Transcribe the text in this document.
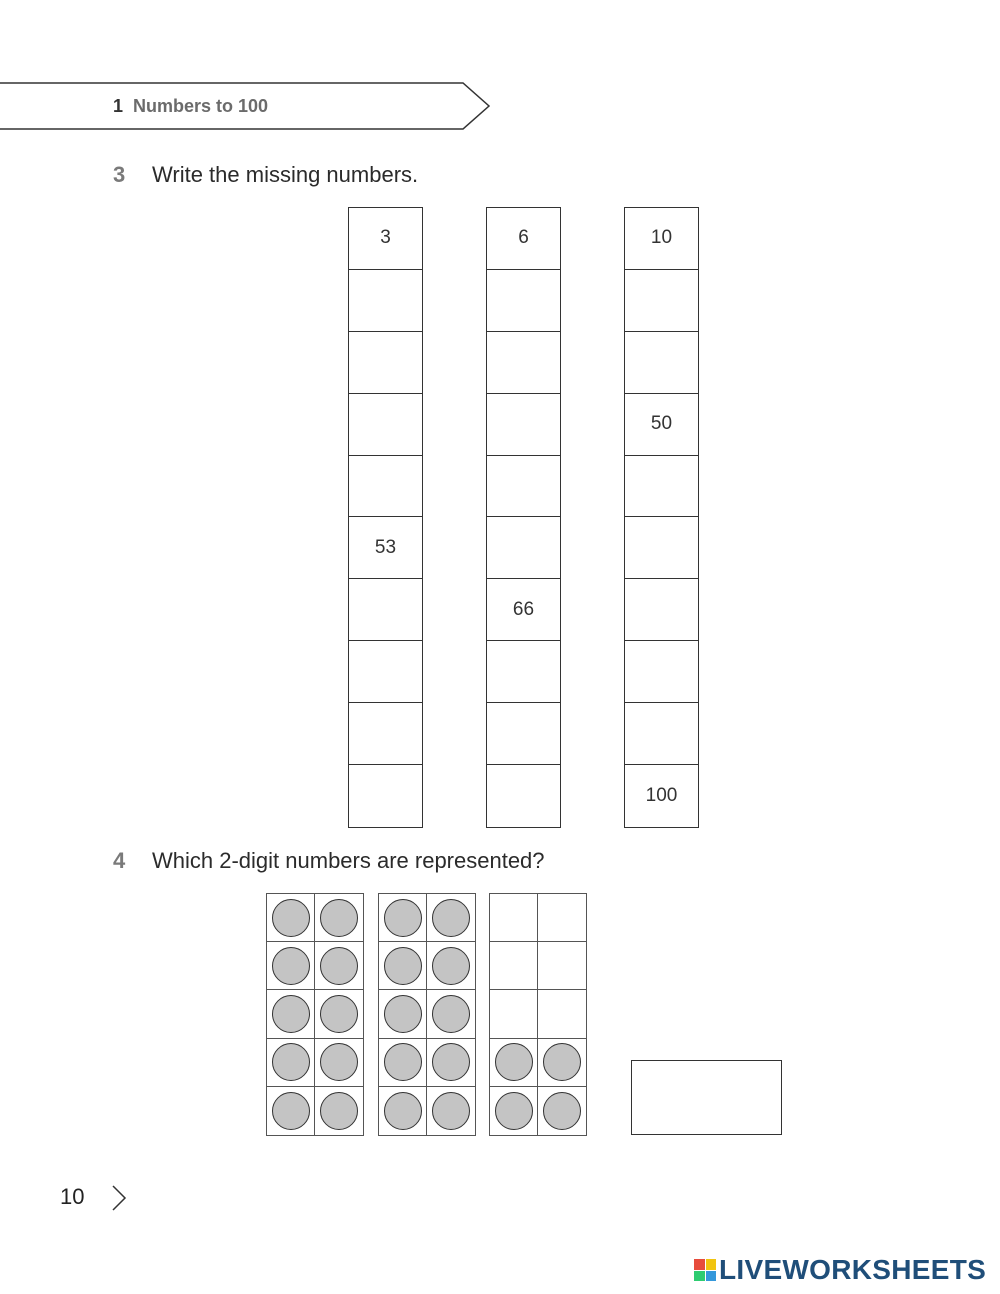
1 Numbers to 100
3 Write the missing numbers.
3
53
6
66
10
50
100
4 Which 2-digit numbers are represented?
10
LIVEWORKSHEETS
